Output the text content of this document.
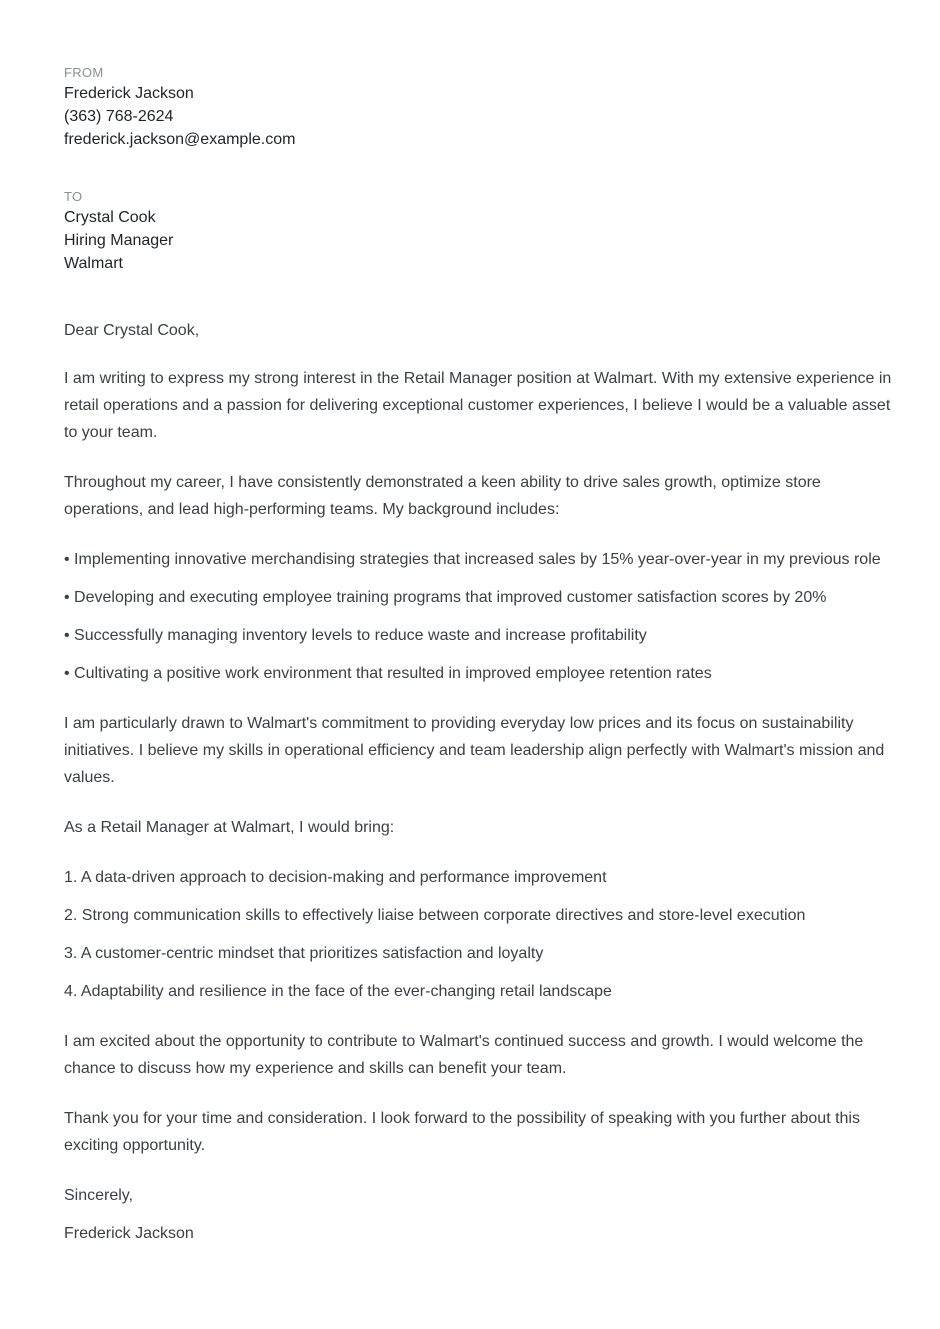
FROM
Frederick Jackson
(363) 768-2624
frederick.jackson@example.com
TO
Crystal Cook
Hiring Manager
Walmart
Dear Crystal Cook,

I am writing to express my strong interest in the Retail Manager position at Walmart. With my extensive experience in retail operations and a passion for delivering exceptional customer experiences, I believe I would be a valuable asset to your team.

Throughout my career, I have consistently demonstrated a keen ability to drive sales growth, optimize store operations, and lead high-performing teams. My background includes:

• Implementing innovative merchandising strategies that increased sales by 15% year-over-year in my previous role

• Developing and executing employee training programs that improved customer satisfaction scores by 20%

• Successfully managing inventory levels to reduce waste and increase profitability

• Cultivating a positive work environment that resulted in improved employee retention rates

I am particularly drawn to Walmart's commitment to providing everyday low prices and its focus on sustainability initiatives. I believe my skills in operational efficiency and team leadership align perfectly with Walmart's mission and values.

As a Retail Manager at Walmart, I would bring:

1. A data-driven approach to decision-making and performance improvement

2. Strong communication skills to effectively liaise between corporate directives and store-level execution

3. A customer-centric mindset that prioritizes satisfaction and loyalty

4. Adaptability and resilience in the face of the ever-changing retail landscape

I am excited about the opportunity to contribute to Walmart's continued success and growth. I would welcome the chance to discuss how my experience and skills can benefit your team.

Thank you for your time and consideration. I look forward to the possibility of speaking with you further about this exciting opportunity.

Sincerely,

Frederick Jackson
